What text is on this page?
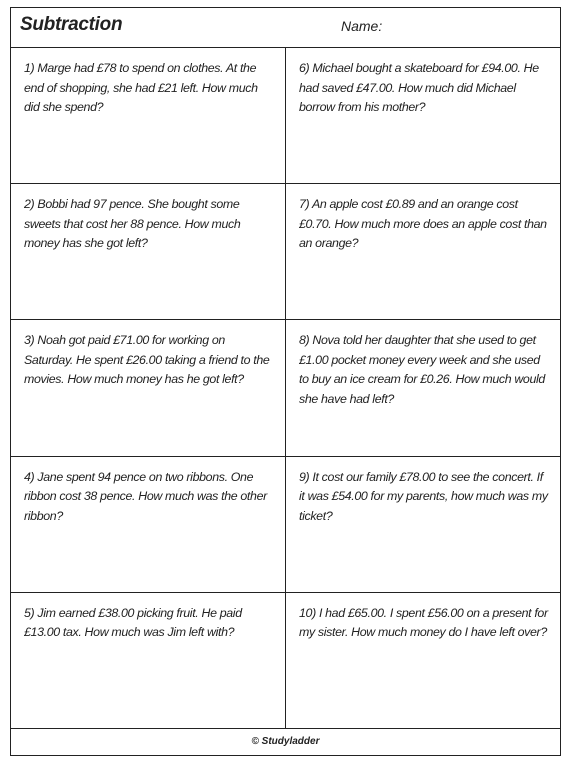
Subtraction	Name:
1) Marge had £78 to spend on clothes. At the end of shopping, she had £21 left. How much did she spend?
6) Michael bought a skateboard for £94.00. He had saved £47.00. How much did Michael borrow from his mother?
2) Bobbi had 97 pence. She bought some sweets that cost her 88 pence. How much money has she got left?
7) An apple cost £0.89 and an orange cost £0.70. How much more does an apple cost than an orange?
3) Noah got paid £71.00 for working on Saturday. He spent £26.00 taking a friend to the movies. How much money has he got left?
8) Nova told her daughter that she used to get £1.00 pocket money every week and she used to buy an ice cream for £0.26. How much would she have had left?
4) Jane spent 94 pence on two ribbons. One ribbon cost 38 pence. How much was the other ribbon?
9) It cost our family £78.00 to see the concert. If it was £54.00 for my parents, how much was my ticket?
5) Jim earned £38.00 picking fruit. He paid £13.00 tax. How much was Jim left with?
10) I had £65.00. I spent £56.00 on a present for my sister. How much money do I have left over?
© Studyladder
